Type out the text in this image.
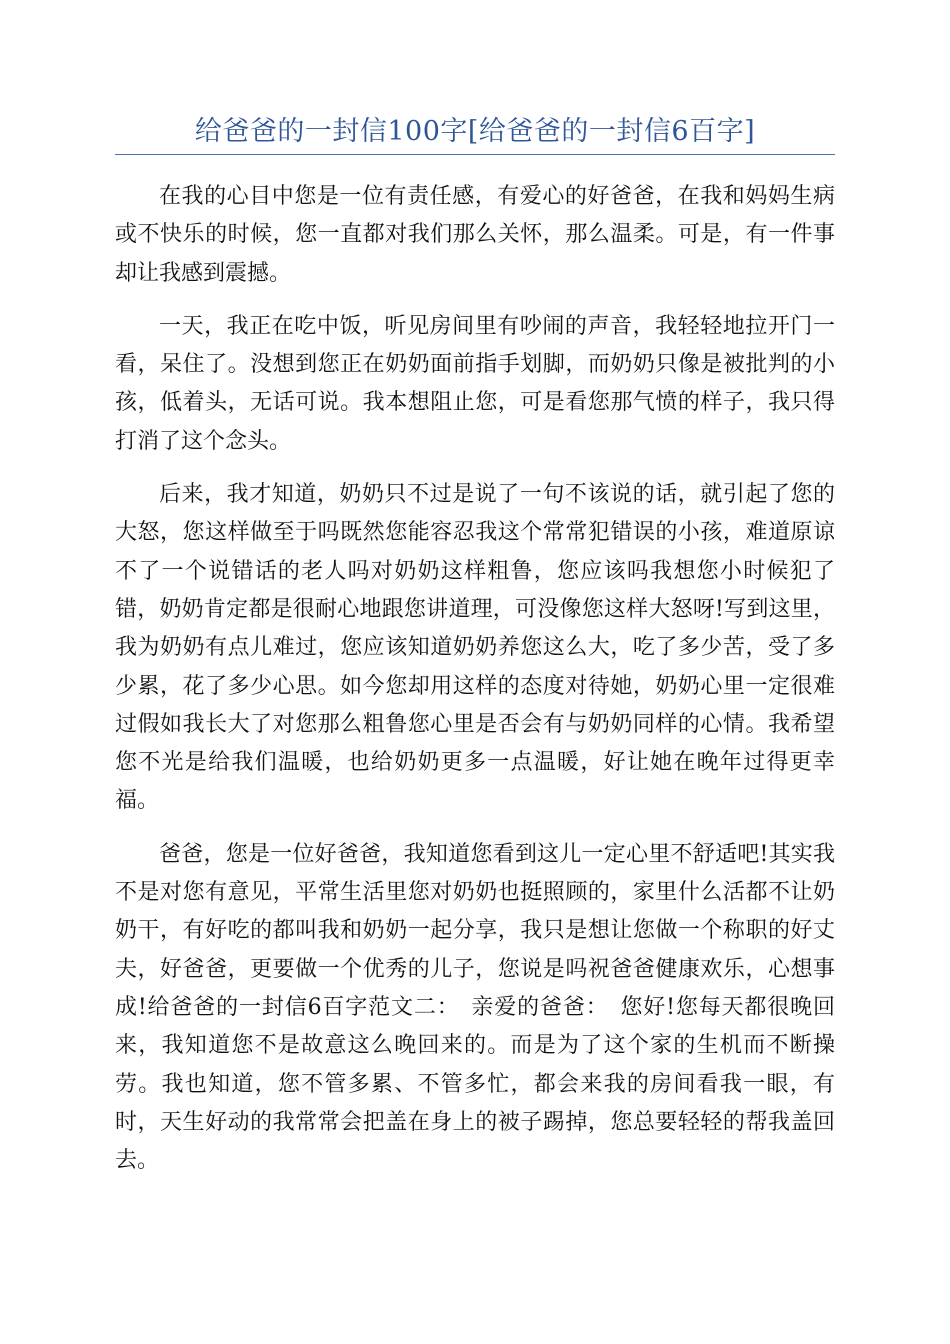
给爸爸的一封信100字[给爸爸的一封信6百字]

在我的心目中您是一位有责任感，有爱心的好爸爸，在我和妈妈生病或不快乐的时候，您一直都对我们那么关怀，那么温柔。可是，有一件事却让我感到震撼。

一天，我正在吃中饭，听见房间里有吵闹的声音，我轻轻地拉开门一看，呆住了。没想到您正在奶奶面前指手划脚，而奶奶只像是被批判的小孩，低着头，无话可说。我本想阻止您，可是看您那气愤的样子，我只得打消了这个念头。

后来，我才知道，奶奶只不过是说了一句不该说的话，就引起了您的大怒，您这样做至于吗既然您能容忍我这个常常犯错误的小孩，难道原谅不了一个说错话的老人吗对奶奶这样粗鲁，您应该吗我想您小时候犯了错，奶奶肯定都是很耐心地跟您讲道理，可没像您这样大怒呀!写到这里，我为奶奶有点儿难过，您应该知道奶奶养您这么大，吃了多少苦，受了多少累，花了多少心思。如今您却用这样的态度对待她，奶奶心里一定很难过假如我长大了对您那么粗鲁您心里是否会有与奶奶同样的心情。我希望您不光是给我们温暖，也给奶奶更多一点温暖，好让她在晚年过得更幸福。

爸爸，您是一位好爸爸，我知道您看到这儿一定心里不舒适吧!其实我不是对您有意见，平常生活里您对奶奶也挺照顾的，家里什么活都不让奶奶干，有好吃的都叫我和奶奶一起分享，我只是想让您做一个称职的好丈夫，好爸爸，更要做一个优秀的儿子，您说是吗祝爸爸健康欢乐，心想事成!给爸爸的一封信6百字范文二：　亲爱的爸爸：　您好!您每天都很晚回来，我知道您不是故意这么晚回来的。而是为了这个家的生机而不断操劳。我也知道，您不管多累、不管多忙，都会来我的房间看我一眼，有时，天生好动的我常常会把盖在身上的被子踢掉，您总要轻轻的帮我盖回去。
